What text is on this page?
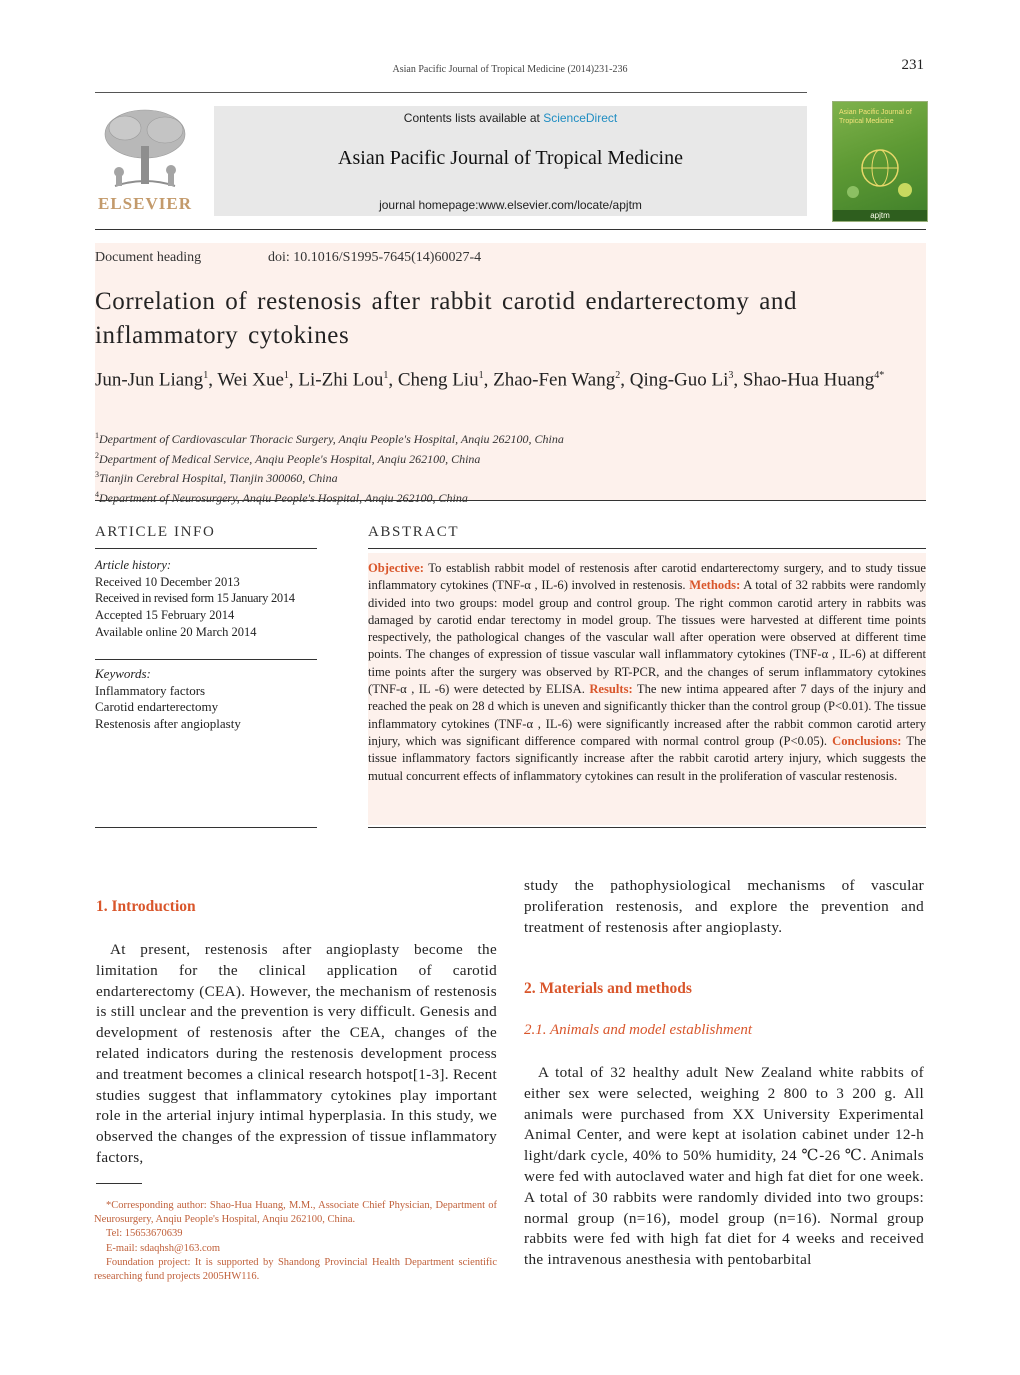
Asian Pacific Journal of Tropical Medicine (2014)231-236	231
ELSEVIER
Contents lists available at ScienceDirect
Asian Pacific Journal of Tropical Medicine
journal homepage:www.elsevier.com/locate/apjtm
Asian Pacific Journal of Tropical Medicine
apjtm
Document heading	doi: 10.1016/S1995-7645(14)60027-4
Correlation of restenosis after rabbit carotid endarterectomy and inflammatory cytokines
Jun-Jun Liang$^1$, Wei Xue$^1$, Li-Zhi Lou$^1$, Cheng Liu$^1$, Zhao-Fen Wang$^2$, Qing-Guo Li$^3$, Shao-Hua Huang$^{4*}$
$^1$Department of Cardiovascular Thoracic Surgery, Anqiu People's Hospital, Anqiu 262100, China
$^2$Department of Medical Service, Anqiu People's Hospital, Anqiu 262100, China
$^3$Tianjin Cerebral Hospital, Tianjin 300060, China
$^4$Department of Neurosurgery, Anqiu People's Hospital, Anqiu 262100, China
ARTICLE INFO
Article history:
Received 10 December 2013
Received in revised form 15 January 2014
Accepted 15 February 2014
Available online 20 March 2014
Keywords:
Inflammatory factors
Carotid endarterectomy
Restenosis after angioplasty
ABSTRACT
Objective: To establish rabbit model of restenosis after carotid endarterectomy surgery, and to study tissue inflammatory cytokines (TNF-α , IL-6) involved in restenosis. Methods: A total of 32 rabbits were randomly divided into two groups: model group and control group. The right common carotid artery in rabbits was damaged by carotid endar terectomy in model group. The tissues were harvested at different time points respectively, the pathological changes of the vascular wall after operation were observed at different time points. The changes of expression of tissue vascular wall inflammatory cytokines (TNF-α , IL-6) at different time points after the surgery was observed by RT-PCR, and the changes of serum inflammatory cytokines (TNF-α , IL -6) were detected by ELISA. Results: The new intima appeared after 7 days of the injury and reached the peak on 28 d which is uneven and significantly thicker than the control group (P<0.01). The tissue inflammatory cytokines (TNF-α , IL-6) were significantly increased after the rabbit common carotid artery injury, which was significant difference compared with normal control group (P<0.05). Conclusions: The tissue inflammatory factors significantly increase after the rabbit carotid artery injury, which suggests the mutual concurrent effects of inflammatory cytokines can result in the proliferation of vascular restenosis.
1. Introduction
At present, restenosis after angioplasty become the limitation for the clinical application of carotid endarterectomy (CEA). However, the mechanism of restenosis is still unclear and the prevention is very difficult. Genesis and development of restenosis after the CEA, changes of the related indicators during the restenosis development process and treatment becomes a clinical research hotspot[1-3]. Recent studies suggest that inflammatory cytokines play important role in the arterial injury intimal hyperplasia. In this study, we observed the changes of the expression of tissue inflammatory factors,

*Corresponding author: Shao-Hua Huang, M.M., Associate Chief Physician, Department of Neurosurgery, Anqiu People's Hospital, Anqiu 262100, China.

Tel: 15653670639

E-mail: sdaqhsh@163.com

Foundation project: It is supported by Shandong Provincial Health Department scientific researching fund projects 2005HW116.

study the pathophysiological mechanisms of vascular proliferation restenosis, and explore the prevention and treatment of restenosis after angioplasty.
2. Materials and methods
2.1. Animals and model establishment
A total of 32 healthy adult New Zealand white rabbits of either sex were selected, weighing 2 800 to 3 200 g. All animals were purchased from XX University Experimental Animal Center, and were kept at isolation cabinet under 12-h light/dark cycle, 40% to 50% humidity, 24 ℃-26 ℃. Animals were fed with autoclaved water and high fat diet for one week. A total of 30 rabbits were randomly divided into two groups: normal group (n=16), model group (n=16). Normal group rabbits were fed with high fat diet for 4 weeks and received the intravenous anesthesia with pentobarbital
